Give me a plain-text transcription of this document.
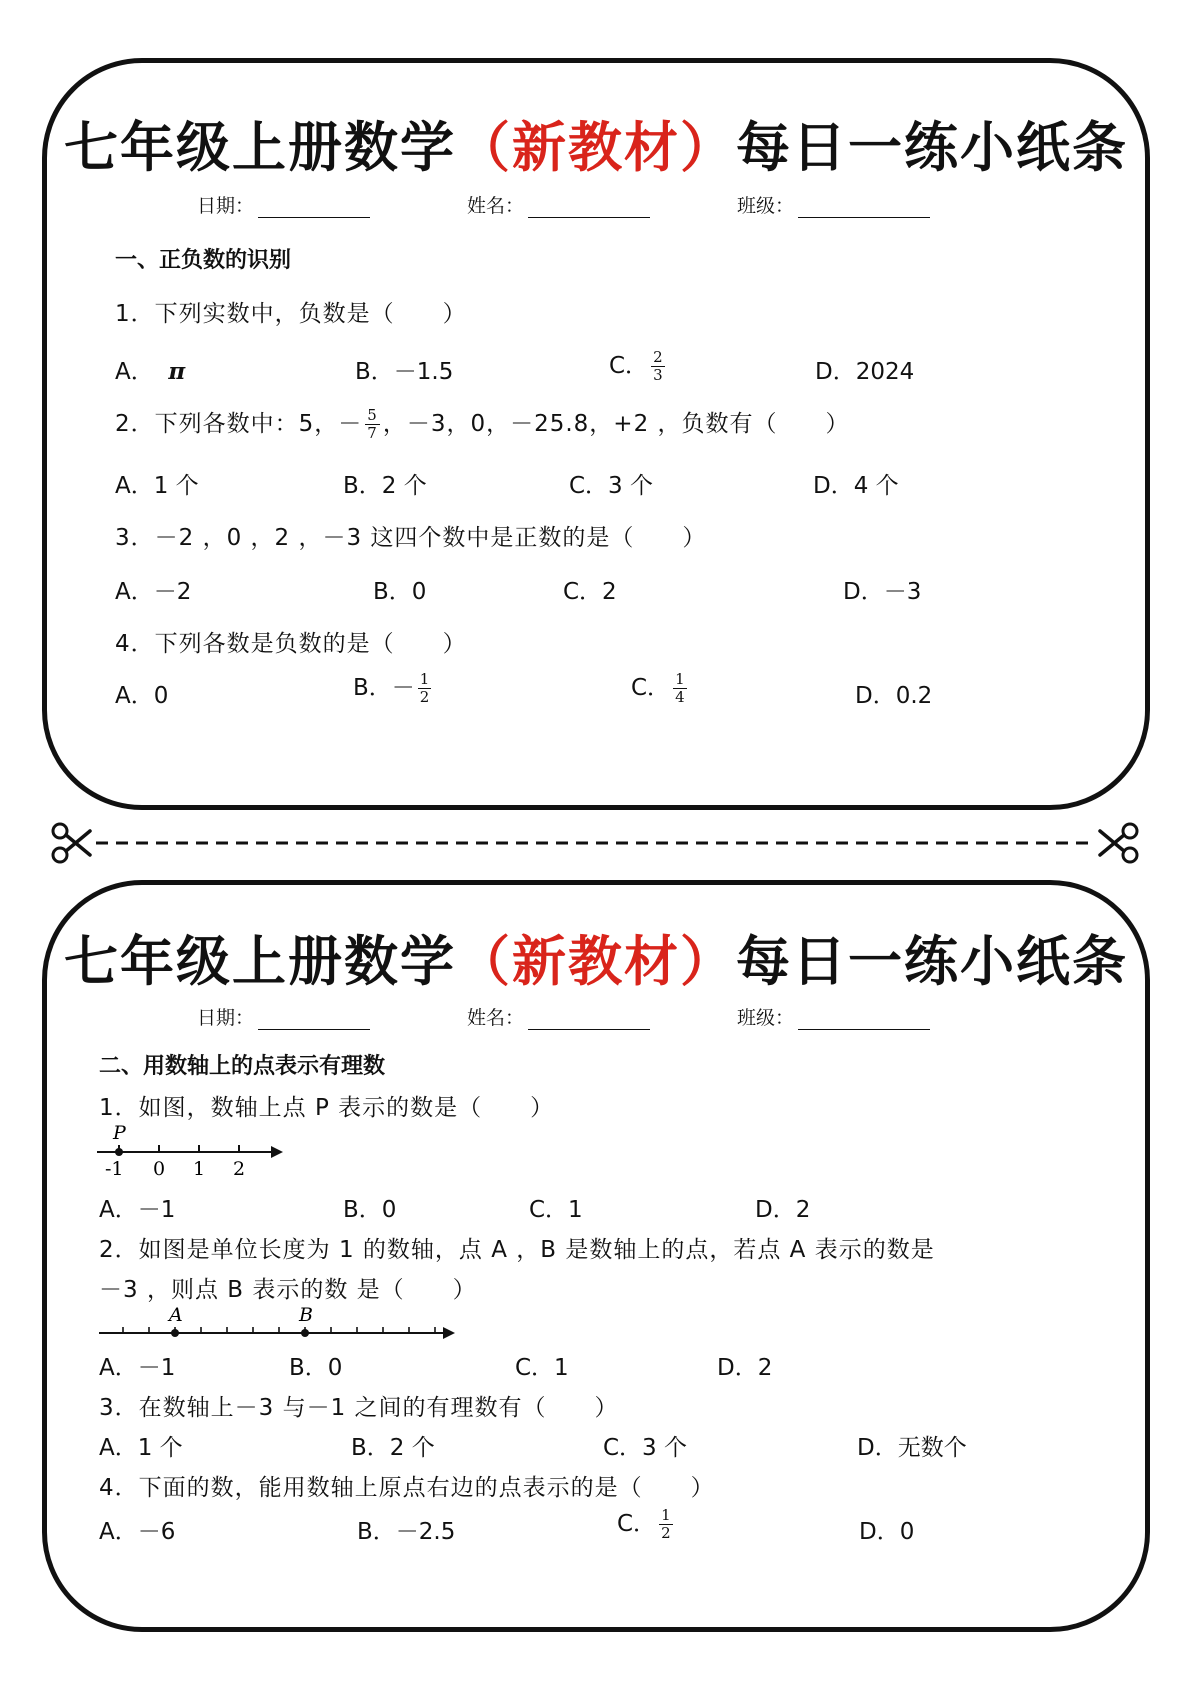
七年级上册数学（新教材）每日一练小纸条
日期：	姓名：	班级：
一、正负数的识别
1．下列实数中，负数是（　　）
A． π	B．－1.5	C． $\frac{2}{3}$	D．2024
2．下列各数中：5，－ $\frac{5}{7}$ ，－3，0，－25.8，+2 ，负数有（　　）
A．1 个	B．2 个	C．3 个	D．4 个
3．－2 ，0 ，2 ，－3 这四个数中是正数的是（　　）
A．－2	B．0	C．2	D．－3
4．下列各数是负数的是（　　）
A．0	B．－ $\frac{1}{2}$	C． $\frac{1}{4}$	D．0.2
七年级上册数学（新教材）每日一练小纸条
日期：	姓名：	班级：
二、用数轴上的点表示有理数
1．如图，数轴上点 P 表示的数是（　　）
P
-1 0 1 2
A．－1	B．0	C．1	D．2
2．如图是单位长度为 1 的数轴，点 A ，B 是数轴上的点，若点 A 表示的数是
－3 ，则点 B 表示的数 是（　　）
A	B
A．－1	B．0	C．1	D．2
3．在数轴上－3 与－1 之间的有理数有（　　）
A．1 个	B．2 个	C．3 个	D．无数个
4．下面的数，能用数轴上原点右边的点表示的是（　　）
A．－6	B．－2.5	C． $\frac{1}{2}$	D．0
